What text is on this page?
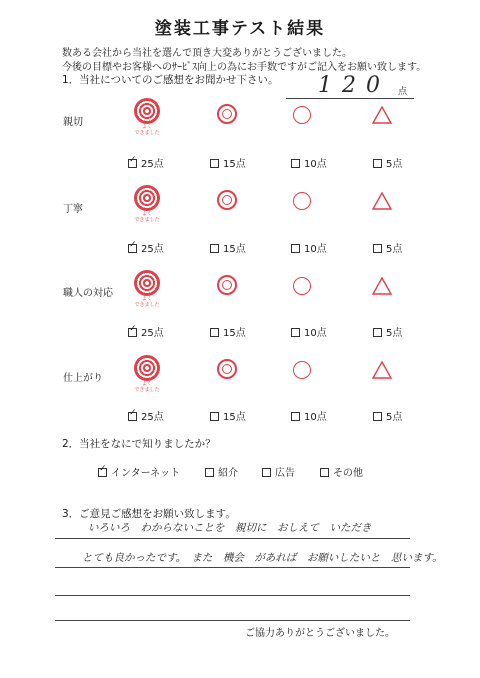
塗装工事テスト結果
数ある会社から当社を選んで頂き大変ありがとうございました。
今後の目標やお客様へのｻｰﾋﾞｽ向上の為にお手数ですがご記入をお願い致します。
1．当社についてのご感想をお聞かせ下さい。 120 点
親切	よく
できました
✓25点	15点	10点	5点
丁寧	よく
できました
✓25点	15点	10点	5点
職人の対応	よく
できました
✓25点	15点	10点	5点
仕上がり	よく
できました
✓25点	15点	10点	5点
2．当社をなにで知りましたか？
✓インターネット	紹介	広告	その他
3．ご意見ご感想をお願い致します。
いろいろ　わからないことを　親切に　おしえて　いただき
とても良かったです。　また　機会　があれば　お願いしたいと　思います。
ご協力ありがとうございました。
